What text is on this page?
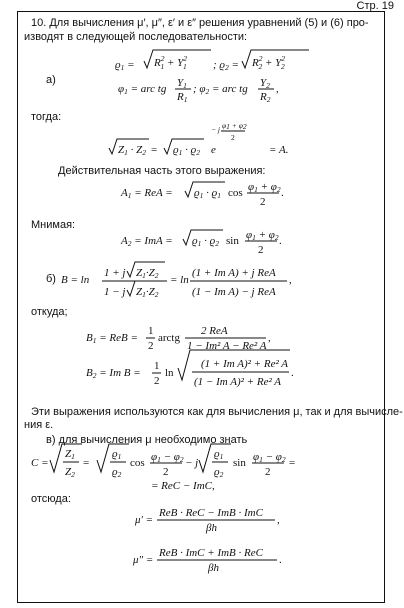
Стр. 19
10. Для вычисления μ′, μ″, ε′ и ε″ решения уравнений (5) и (6) про-
изводят в следующей последовательности:
а)
тогда:
Действительная часть этого выражения:
Мнимая:
б)
откуда;
Эти выражения используются как для вычисления μ, так и для вычисле-
ния ε.
в) для вычисления μ необходимо знать
отсюда:
$ϱ1 = R^2$ $1 + Y^2$ 1 ; $ϱ2 = R^2$ $2 + Y^2$ 2
φ1 = arc tg Y1
R1
; φ2 = arc tg Y2
R2
,
− j φ1 + φ2
2
Z1 · Z2 = ϱ1 · ϱ2 e	= A.
A1 = ReA = ϱ1 · ϱ1 cos φ1 + φ2
2
.
A2 = ImA = ϱ1 · ϱ2 sin φ1 + φ2
2
.
B = ln
1 + j Z1·Z2
1 − j Z1·Z2
= ln
(1 + Im A) + j ReA
(1 − Im A) − j ReA
,
B1 = ReB =
1
2
arctg
2 ReA
1 − Im² A − Re² A
,
B2 = Im B =
1
2
ln
(1 + Im A)² + Re² A
(1 − Im A)² + Re² A
.
C =
Z1
Z2
=
ϱ1
ϱ2
cos φ1 − φ2
2
− j
ϱ1
ϱ2
sin φ1 − φ2
2
=
= ReC − ImC,
μ′ =
ReB · ReC − ImB · ImC
βh
,
μ″ =
ReB · ImC + ImB · ReC
βh
.
